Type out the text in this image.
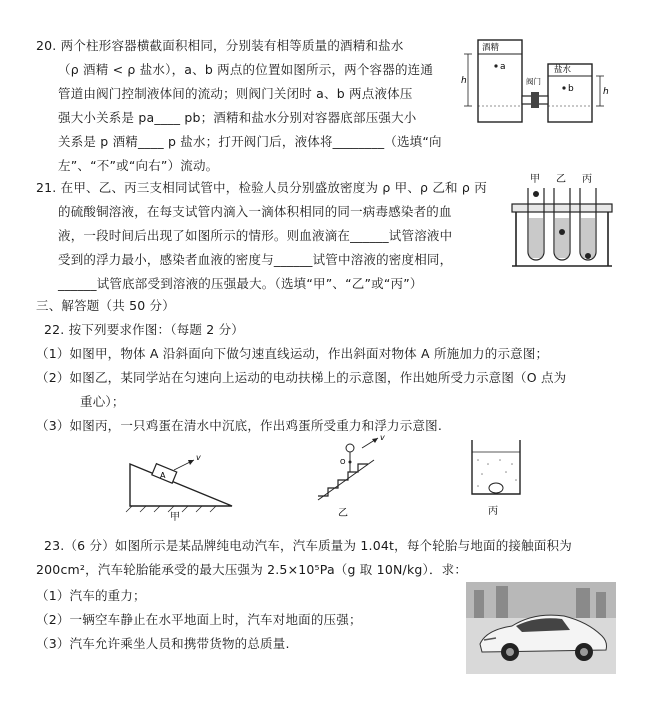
20. 两个柱形容器横截面积相同，分别装有相等质量的酒精和盐水
（ρ 酒精 < ρ 盐水），a、b 两点的位置如图所示，两个容器的连通
管道由阀门控制液体间的流动；则阀门关闭时 a、b 两点液体压
强大小关系是 pa____ pb；酒精和盐水分别对容器底部压强大小
关系是 p 酒精____ p 盐水；打开阀门后，液体将________（选填“向
左”、“不”或“向右”）流动。
酒精
盐水
阀门
a
b
h
h
21. 在甲、乙、丙三支相同试管中，检验人员分别盛放密度为 ρ 甲、ρ 乙和 ρ 丙
的硫酸铜溶液，在每支试管内滴入一滴体积相同的同一病毒感染者的血
液，一段时间后出现了如图所示的情形。则血液滴在______试管溶液中
受到的浮力最小，感染者血液的密度与______试管中溶液的密度相同，
______试管底部受到溶液的压强最大。（选填“甲”、“乙”或“丙”）
甲 乙 丙
三、解答题（共 50 分）
22. 按下列要求作图：（每题 2 分）
（1）如图甲，物体 A 沿斜面向下做匀速直线运动，作出斜面对物体 A 所施加力的示意图；
（2）如图乙，某同学站在匀速向上运动的电动扶梯上的示意图，作出她所受力示意图（O 点为
重心）；
（3）如图丙，一只鸡蛋在清水中沉底，作出鸡蛋所受重力和浮力示意图.
v
A
甲
v
O
乙	丙
23.（6 分）如图所示是某品牌纯电动汽车，汽车质量为 1.04t，每个轮胎与地面的接触面积为
200cm²，汽车轮胎能承受的最大压强为 2.5×10⁵Pa（g 取 10N/kg）．求：
（1）汽车的重力；
（2）一辆空车静止在水平地面上时，汽车对地面的压强；
（3）汽车允许乘坐人员和携带货物的总质量.
